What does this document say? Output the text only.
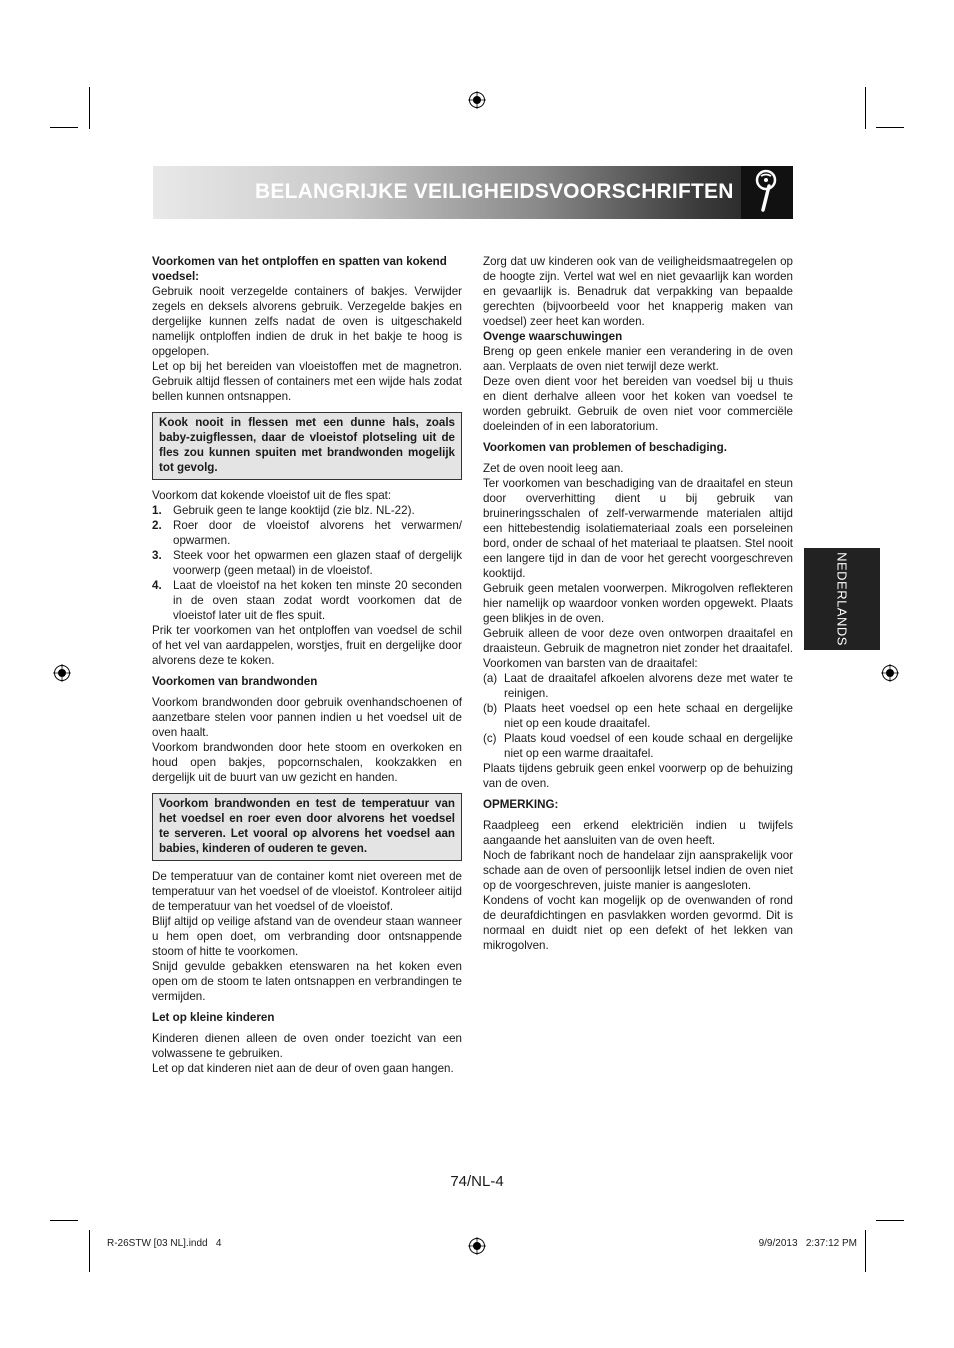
BELANGRIJKE VEILIGHEIDSVOORSCHRIFTEN
Voorkomen van het ontploffen en spatten van kokend voedsel:

Gebruik nooit verzegelde containers of bakjes. Verwijder zegels en deksels alvorens gebruik. Verzegelde bakjes en dergelijke kunnen zelfs nadat de oven is uitgeschakeld namelijk ontploffen indien de druk in het bakje te hoog is opgelopen.

Let op bij het bereiden van vloeistoffen met de magnetron. Gebruik altijd flessen of containers met een wijde hals zodat bellen kunnen ontsnappen.

Kook nooit in flessen met een dunne hals, zoals baby-zuigflessen, daar de vloeistof plotseling uit de fles zou kunnen spuiten met brandwonden mogelijk tot gevolg.

Voorkom dat kokende vloeistof uit de fles spat:

1. Gebruik geen te lange kooktijd (zie blz. NL-22).
2. Roer door de vloeistof alvorens het verwarmen/ opwarmen.
3. Steek voor het opwarmen een glazen staaf of dergelijk voorwerp (geen metaal) in de vloeistof.
4. Laat de vloeistof na het koken ten minste 20 seconden in de oven staan zodat wordt voorkomen dat de vloeistof later uit de fles spuit.

Prik ter voorkomen van het ontploffen van voedsel de schil of het vel van aardappelen, worstjes, fruit en dergelijke door alvorens deze te koken.

Voorkomen van brandwonden

Voorkom brandwonden door gebruik ovenhandschoenen of aanzetbare stelen voor pannen indien u het voedsel uit de oven haalt.

Voorkom brandwonden door hete stoom en overkoken en houd open bakjes, popcornschalen, kookzakken en dergelijk uit de buurt van uw gezicht en handen.

Voorkom brandwonden en test de temperatuur van het voedsel en roer even door alvorens het voedsel te serveren. Let vooral op alvorens het voedsel aan babies, kinderen of ouderen te geven.

De temperatuur van de container komt niet overeen met de temperatuur van het voedsel of de vloeistof. Kontroleer aitijd de temperatuur van het voedsel of de vloeistof.

Blijf altijd op veilige afstand van de ovendeur staan wanneer u hem open doet, om verbranding door ontsnappende stoom of hitte te voorkomen.

Snijd gevulde gebakken etenswaren na het koken even open om de stoom te laten ontsnappen en verbrandingen te vermijden.

Let op kleine kinderen

Kinderen dienen alleen de oven onder toezicht van een volwassene te gebruiken.

Let op dat kinderen niet aan de deur of oven gaan hangen.

Zorg dat uw kinderen ook van de veiligheidsmaatregelen op de hoogte zijn. Vertel wat wel en niet gevaarlijk kan worden en gevaarlijk is. Benadruk dat verpakking van bepaalde gerechten (bijvoorbeeld voor het knapperig maken van voedsel) zeer heet kan worden.

Ovenge waarschuwingen

Breng op geen enkele manier een verandering in de oven aan. Verplaats de oven niet terwijl deze werkt.

Deze oven dient voor het bereiden van voedsel bij u thuis en dient derhalve alleen voor het koken van voedsel te worden gebruikt. Gebruik de oven niet voor commerciële doeleinden of in een laboratorium.

Voorkomen van problemen of beschadiging.

Zet de oven nooit leeg aan.

Ter voorkomen van beschadiging van de draaitafel en steun door oververhitting dient u bij gebruik van bruineringsschalen of zelf-verwarmende materialen altijd een hittebestendig isolatiemateriaal zoals een porseleinen bord, onder de schaal of het materiaal te plaatsen. Stel nooit een langere tijd in dan de voor het gerecht voorgeschreven kooktijd.

Gebruik geen metalen voorwerpen. Mikrogolven reflekteren hier namelijk op waardoor vonken worden opgewekt. Plaats geen blikjes in de oven.

Gebruik alleen de voor deze oven ontworpen draaitafel en draaisteun. Gebruik de magnetron niet zonder het draaitafel.

Voorkomen van barsten van de draaitafel:

(a) Laat de draaitafel afkoelen alvorens deze met water te reinigen.
(b) Plaats heet voedsel op een hete schaal en dergelijke niet op een koude draaitafel.
(c) Plaats koud voedsel of een koude schaal en dergelijke niet op een warme draaitafel.

Plaats tijdens gebruik geen enkel voorwerp op de behuizing van de oven.

OPMERKING:

Raadpleeg een erkend elektriciën indien u twijfels aangaande het aansluiten van de oven heeft.

Noch de fabrikant noch de handelaar zijn aansprakelijk voor schade aan de oven of persoonlijk letsel indien de oven niet op de voorgeschreven, juiste manier is aangesloten.

Kondens of vocht kan mogelijk op de ovenwanden of rond de deurafdichtingen en pasvlakken worden gevormd. Dit is normaal en duidt niet op een defekt of het lekken van mikrogolven.

NEDERLANDS
74/NL-4
R-26STW [03 NL].indd   4	9/9/2013   2:37:12 PM
